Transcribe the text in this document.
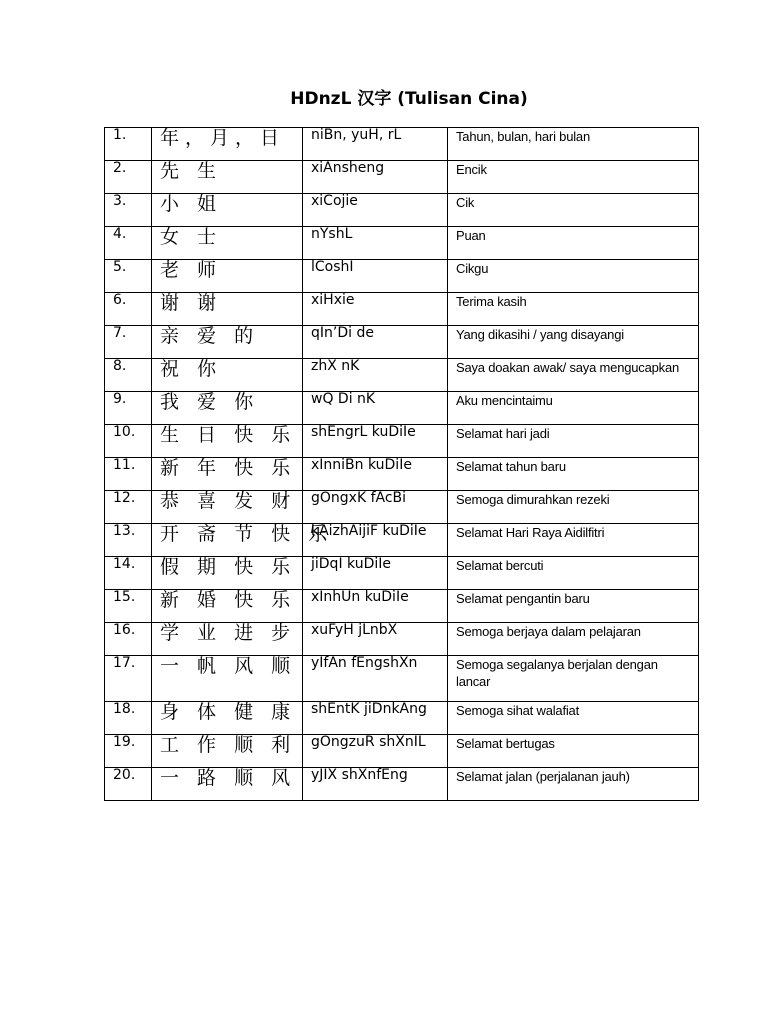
HDnzL 汉字 (Tulisan Cina)
1.	年，月，日	niBn, yuH, rL	Tahun, bulan, hari bulan

2.	先 生	xiAnsheng	Encik

3.	小 姐	xiCojie	Cik

4.	女 士	nYshL	Puan

5.	老 师	lCoshI	Cikgu

6.	谢 谢	xiHxie	Terima kasih

7.	亲 爱 的	qIn’Di de	Yang dikasihi / yang disayangi

8.	祝 你	zhX nK	Saya doakan awak/ saya mengucapkan

9.	我 爱 你	wQ Di nK	Aku mencintaimu

10.	生 日 快 乐	shEngrL kuDiIe	Selamat hari jadi

11.	新 年 快 乐	xInniBn kuDiIe	Selamat tahun baru

12.	恭 喜 发 财	gOngxK fAcBi	Semoga dimurahkan rezeki

13.	开 斋 节 快 乐	kAizhAijiF kuDiIe	Selamat Hari Raya Aidilfitri

14.	假 期 快 乐	jiDqI kuDiIe	Selamat bercuti

15.	新 婚 快 乐	xInhUn kuDiIe	Selamat pengantin baru

16.	学 业 进 步	xuFyH jLnbX	Semoga berjaya dalam pelajaran

17.	一 帆 风 顺	yIfAn fEngshXn	Semoga segalanya berjalan dengan
lancar

18.	身 体 健 康	shEntK jiDnkAng	Semoga sihat walafiat

19.	工 作 顺 利	gOngzuR shXnIL	Selamat bertugas

20.	一 路 顺 风	yJIX shXnfEng	Selamat jalan (perjalanan jauh)
